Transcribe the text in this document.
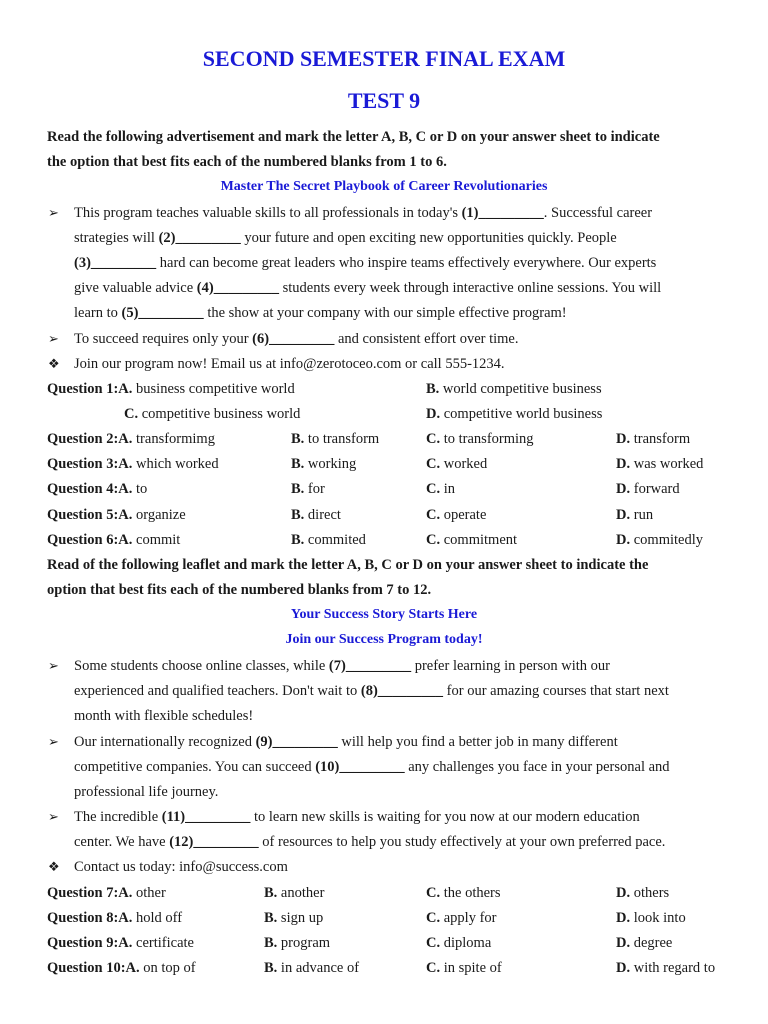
SECOND SEMESTER FINAL EXAM
TEST 9
Read the following advertisement and mark the letter A, B, C or D on your answer sheet to indicate
the option that best fits each of the numbered blanks from 1 to 6.
Master The Secret Playbook of Career Revolutionaries
➢ This program teaches valuable skills to all professionals in today's (1)_________. Successful career
strategies will (2)_________ your future and open exciting new opportunities quickly. People
(3)_________ hard can become great leaders who inspire teams effectively everywhere. Our experts
give valuable advice (4)_________ students every week through interactive online sessions. You will
learn to (5)_________ the show at your company with our simple effective program!
➢ To succeed requires only your (6)_________ and consistent effort over time.
❖ Join our program now! Email us at info@zerotoceo.com or call 555-1234.
Question 1:A. business competitive world	B. world competitive business
C. competitive business world	D. competitive world business
Question 2:A. transformimg	B. to transform	C. to transforming	D. transform
Question 3:A. which worked	B. working	C. worked	D. was worked
Question 4:A. to	B. for	C. in	D. forward
Question 5:A. organize	B. direct	C. operate	D. run
Question 6:A. commit	B. commited	C. commitment	D. commitedly
Read of the following leaflet and mark the letter A, B, C or D on your answer sheet to indicate the
option that best fits each of the numbered blanks from 7 to 12.
Your Success Story Starts Here
Join our Success Program today!
➢ Some students choose online classes, while (7)_________ prefer learning in person with our
experienced and qualified teachers. Don't wait to (8)_________ for our amazing courses that start next
month with flexible schedules!
➢ Our internationally recognized (9)_________ will help you find a better job in many different
competitive companies. You can succeed (10)_________ any challenges you face in your personal and
professional life journey.
➢ The incredible (11)_________ to learn new skills is waiting for you now at our modern education
center. We have (12)_________ of resources to help you study effectively at your own preferred pace.
❖ Contact us today: info@success.com
Question 7:A. other	B. another	C. the others	D. others
Question 8:A. hold off	B. sign up	C. apply for	D. look into
Question 9:A. certificate	B. program	C. diploma	D. degree
Question 10:A. on top of	B. in advance of	C. in spite of	D. with regard to
